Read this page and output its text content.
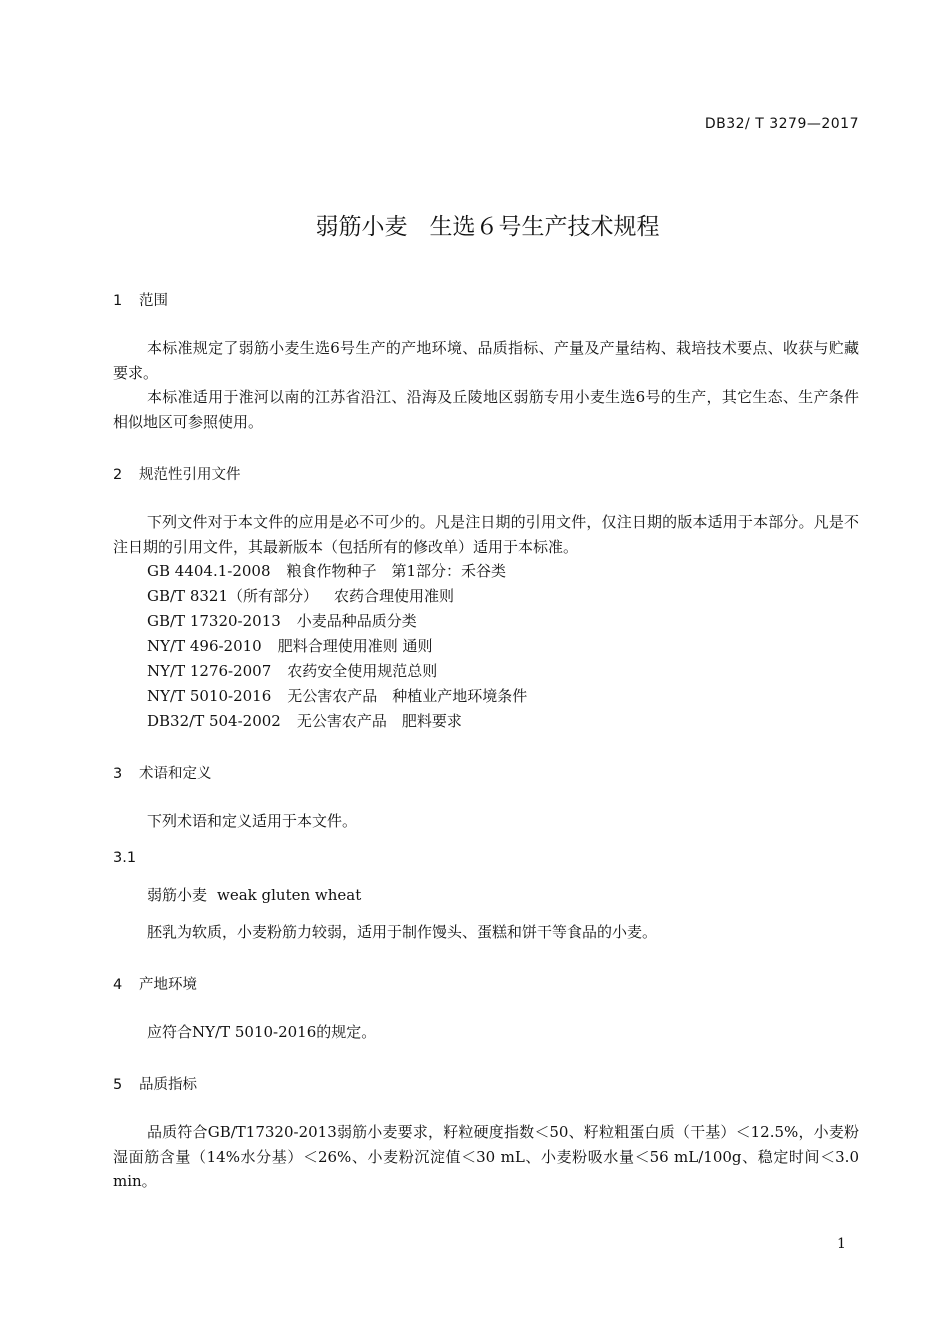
DB32/ T 3279—2017
弱筋小麦 生选６号生产技术规程
1 范围

本标准规定了弱筋小麦生选6号生产的产地环境、品质指标、产量及产量结构、栽培技术要点、收获与贮藏要求。

本标准适用于淮河以南的江苏省沿江、沿海及丘陵地区弱筋专用小麦生选6号的生产，其它生态、生产条件相似地区可参照使用。

2 规范性引用文件

下列文件对于本文件的应用是必不可少的。凡是注日期的引用文件，仅注日期的版本适用于本部分。凡是不注日期的引用文件，其最新版本（包括所有的修改单）适用于本标准。

GB 4404.1-2008 粮食作物种子　第1部分：禾谷类
GB/T 8321（所有部分） 农药合理使用准则
GB/T 17320-2013 小麦品种品质分类
NY/T 496-2010 肥料合理使用准则 通则
NY/T 1276-2007 农药安全使用规范总则
NY/T 5010-2016 无公害农产品　种植业产地环境条件
DB32/T 504-2002 无公害农产品　肥料要求
3 术语和定义

下列术语和定义适用于本文件。

3.1
弱筋小麦 weak gluten wheat

胚乳为软质，小麦粉筋力较弱，适用于制作馒头、蛋糕和饼干等食品的小麦。

4 产地环境

应符合NY/T 5010-2016的规定。

5 品质指标

品质符合GB/T17320-2013弱筋小麦要求，籽粒硬度指数＜50、籽粒粗蛋白质（干基）＜12.5%，小麦粉湿面筋含量（14%水分基）＜26%、小麦粉沉淀值＜30 mL、小麦粉吸水量＜56 mL/100g、稳定时间＜3.0 min。

1
